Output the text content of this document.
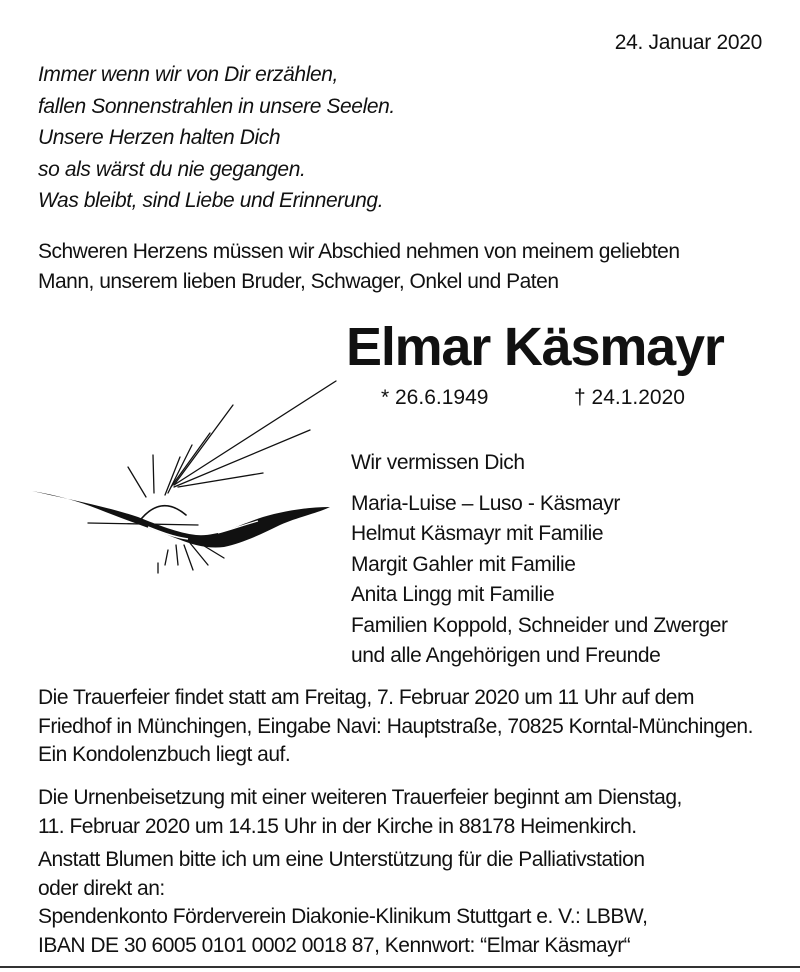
24. Januar 2020
Immer wenn wir von Dir erzählen,
fallen Sonnenstrahlen in unsere Seelen.
Unsere Herzen halten Dich
so als wärst du nie gegangen.
Was bleibt, sind Liebe und Erinnerung.
Schweren Herzens müssen wir Abschied nehmen von meinem geliebten
Mann, unserem lieben Bruder, Schwager, Onkel und Paten
Elmar Käsmayr
* 26.6.1949	† 24.1.2020
Wir vermissen Dich
Maria-Luise – Luso - Käsmayr
Helmut Käsmayr mit Familie
Margit Gahler mit Familie
Anita Lingg mit Familie
Familien Koppold, Schneider und Zwerger
und alle Angehörigen und Freunde
Die Trauerfeier findet statt am Freitag, 7. Februar 2020 um 11 Uhr auf dem
Friedhof in Münchingen, Eingabe Navi: Hauptstraße, 70825 Korntal-Münchingen.
Ein Kondolenzbuch liegt auf.
Die Urnenbeisetzung mit einer weiteren Trauerfeier beginnt am Dienstag,
11. Februar 2020 um 14.15 Uhr in der Kirche in 88178 Heimenkirch.
Anstatt Blumen bitte ich um eine Unterstützung für die Palliativstation
oder direkt an:
Spendenkonto Förderverein Diakonie-Klinikum Stuttgart e. V.: LBBW,
IBAN DE 30 6005 0101 0002 0018 87, Kennwort: “Elmar Käsmayr“
